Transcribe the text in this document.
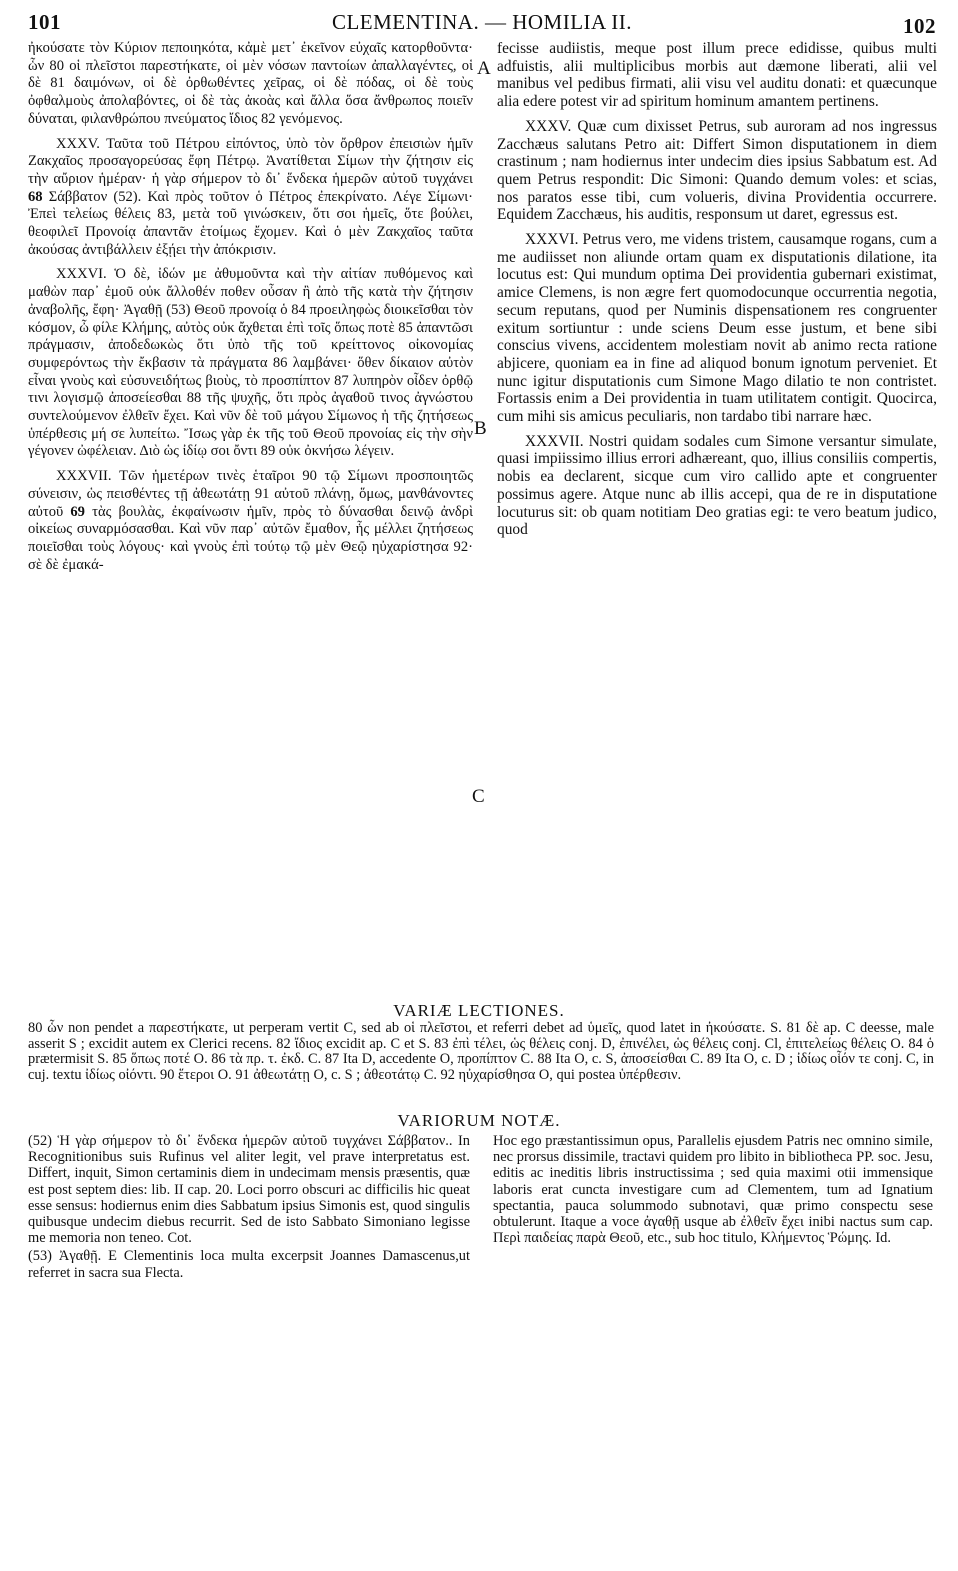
101	CLEMENTINA. — HOMILIA II.	102

ἠκούσατε τὸν Κύριον πεποιηκότα, κἀμὲ μετ᾽ ἐκεῖνον εὐχαῖς κατορθοῦντα· ὧν 80 οἱ πλεῖστοι παρεστήκατε, οἱ μὲν νόσων παντοίων ἀπαλλαγέντες, οἱ δὲ 81 δαιμόνων, οἱ δὲ ὀρθωθέντες χεῖρας, οἱ δὲ πόδας, οἱ δὲ τοὺς ὀφθαλμοὺς ἀπολαβόντες, οἱ δὲ τὰς ἀκοὰς καὶ ἄλλα ὅσα ἄνθρωπος ποιεῖν δύναται, φιλανθρώπου πνεύματος ἴδιος 82 γενόμενος.

XXXV. Ταῦτα τοῦ Πέτρου εἰπόντος, ὑπὸ τὸν ὄρθρον ἐπεισιὼν ἡμῖν Ζακχαῖος προσαγορεύσας ἔφη Πέτρῳ. Ἀνατίθεται Σίμων τὴν ζήτησιν εἰς τὴν αὔριον ἡμέραν· ἡ γὰρ σήμερον τὸ δι᾽ ἕνδεκα ἡμερῶν αὐτοῦ τυγχάνει 68 Σάββατον (52). Καὶ πρὸς τοῦτον ὁ Πέτρος ἐπεκρίνατο. Λέγε Σίμωνι· Ἐπεὶ τελείως θέλεις 83, μετὰ τοῦ γινώσκειν, ὅτι σοι ἡμεῖς, ὅτε βούλει, θεοφιλεῖ Προνοίᾳ ἀπαντᾶν ἑτοίμως ἔχομεν. Καὶ ὁ μὲν Ζακχαῖος ταῦτα ἀκούσας ἀντιβάλλειν ἐξῄει τὴν ἀπόκρισιν.

XXXVI. Ὁ δὲ, ἰδών με ἀθυμοῦντα καὶ τὴν αἰτίαν πυθόμενος καὶ μαθὼν παρ᾽ ἐμοῦ οὐκ ἄλλοθέν ποθεν οὖσαν ἢ ἀπὸ τῆς κατὰ τὴν ζήτησιν ἀναβολῆς, ἔφη· Ἀγαθῇ (53) Θεοῦ προνοίᾳ ὁ 84 προειληφὼς διοικεῖσθαι τὸν κόσμον, ὦ φίλε Κλήμης, αὐτὸς οὐκ ἄχθεται ἐπὶ τοῖς ὅπως ποτὲ 85 ἀπαντῶσι πράγμασιν, ἀποδεδωκὼς ὅτι ὑπὸ τῆς τοῦ κρείττονος οἰκονομίας συμφερόντως τὴν ἔκβασιν τὰ πράγματα 86 λαμβάνει· ὅθεν δίκαιον αὐτὸν εἶναι γνοὺς καὶ εὐσυνειδήτως βιοὺς, τὸ προσπίπτον 87 λυπηρὸν οἶδεν ὀρθῷ τινι λογισμῷ ἀποσείεσθαι 88 τῆς ψυχῆς, ὅτι πρὸς ἀγαθοῦ τινος ἀγνώστου συντελούμενον ἐλθεῖν ἔχει. Καὶ νῦν δὲ τοῦ μάγου Σίμωνος ἡ τῆς ζητήσεως ὑπέρθεσις μή σε λυπείτω. Ἴσως γὰρ ἐκ τῆς τοῦ Θεοῦ προνοίας εἰς τὴν σὴν γέγονεν ὠφέλειαν. Διὸ ὡς ἰδίῳ σοι ὄντι 89 οὐκ ὀκνήσω λέγειν.

XXXVII. Τῶν ἡμετέρων τινὲς ἑταῖροι 90 τῷ Σίμωνι προσποιητῶς σύνεισιν, ὡς πεισθέντες τῇ ἀθεωτάτῃ 91 αὐτοῦ πλάνῃ, ὅμως, μανθάνοντες αὐτοῦ 69 τὰς βουλὰς, ἐκφαίνωσιν ἡμῖν, πρὸς τὸ δύνασθαι δεινῷ ἀνδρὶ οἰκείως συναρμόσασθαι. Καὶ νῦν παρ᾽ αὐτῶν ἔμαθον, ἧς μέλλει ζητήσεως ποιεῖσθαι τοὺς λόγους· καὶ γνοὺς ἐπὶ τούτῳ τῷ μὲν Θεῷ ηὐχαρίστησα 92· σὲ δὲ ἐμακά-

A
B
C

fecisse audiistis, meque post illum prece edidisse, quibus multi adfuistis, alii multiplicibus morbis aut dæmone liberati, alii vel manibus vel pedibus firmati, alii visu vel auditu donati: et quæcunque alia edere potest vir ad spiritum hominum amantem pertinens.

XXXV. Quæ cum dixisset Petrus, sub auroram ad nos ingressus Zacchæus salutans Petro ait: Differt Simon disputationem in diem crastinum ; nam hodiernus inter undecim dies ipsius Sabbatum est. Ad quem Petrus respondit: Dic Simoni: Quando demum voles: et scias, nos paratos esse tibi, cum volueris, divina Providentia occurrere. Equidem Zacchæus, his auditis, responsum ut daret, egressus est.

XXXVI. Petrus vero, me videns tristem, causamque rogans, cum a me audiisset non aliunde ortam quam ex disputationis dilatione, ita locutus est: Qui mundum optima Dei providentia gubernari existimat, amice Clemens, is non ægre fert quomodocunque occurrentia negotia, secum reputans, quod per Numinis dispensationem res congruenter exitum sortiuntur : unde sciens Deum esse justum, et bene sibi conscius vivens, accidentem molestiam novit ab animo recta ratione abjicere, quoniam ea in fine ad aliquod bonum ignotum perveniet. Et nunc igitur disputationis cum Simone Mago dilatio te non contristet. Fortassis enim a Dei providentia in tuam utilitatem contigit. Quocirca, cum mihi sis amicus peculiaris, non tardabo tibi narrare hæc.

XXXVII. Nostri quidam sodales cum Simone versantur simulate, quasi impiissimo illius errori adhæreant, quo, illius consiliis compertis, nobis ea declarent, sicque cum viro callido apte et congruenter possimus agere. Atque nunc ab illis accepi, qua de re in disputatione locuturus sit: ob quam notitiam Deo gratias egi: te vero beatum judico, quod

VARIÆ LECTIONES.
80 ὧν non pendet a παρεστήκατε, ut perperam vertit C, sed ab οἱ πλεῖστοι, et referri debet ad ὑμεῖς, quod latet in ἠκούσατε. S. 81 δὲ ap. C deesse, male asserit S ; excidit autem ex Clerici recens. 82 ἴδιος excidit ap. C et S. 83 ἐπὶ τέλει, ὡς θέλεις conj. D, ἐπινέλει, ὡς θέλεις conj. Cl, ἐπιτελείως θέλεις O. 84 ὁ prætermisit S. 85 ὅπως ποτέ O. 86 τὰ πρ. τ. ἐκδ. C. 87 Ita D, accedente O, προπίπτον C. 88 Ita O, c. S, ἀποσείσθαι C. 89 Ita O, c. D ; ἰδίως οἷόν τε conj. C, in cuj. textu ἰδίως οἰόντι. 90 ἕτεροι O. 91 ἀθεωτάτῃ O, c. S ; ἀθεοτάτῳ C. 92 ηὐχαρίσθησα O, qui postea ὑπέρθεσιν.
VARIORUM NOTÆ.

(52) Ἡ γὰρ σήμερον τὸ δι᾽ ἕνδεκα ἡμερῶν αὐτοῦ τυγχάνει Σάββατον.. In Recognitionibus suis Rufinus vel aliter legit, vel prave interpretatus est. Differt, inquit, Simon certaminis diem in undecimam mensis præsentis, quæ est post septem dies: lib. II cap. 20. Loci porro obscuri ac difficilis hic queat esse sensus: hodiernus enim dies Sabbatum ipsius Simonis est, quod singulis quibusque undecim diebus recurrit. Sed de isto Sabbato Simoniano legisse me memoria non teneo. Cot.

(53) Ἀγαθῇ. E Clementinis loca multa excerpsit Joannes Damascenus,ut referret in sacra sua Flecta.

Hoc ego præstantissimun opus, Parallelis ejusdem Patris nec omnino simile, nec prorsus dissimile, tractavi quidem pro libito in bibliotheca PP. soc. Jesu, editis ac ineditis libris instructissima ; sed quia maximi otii immensique laboris erat cuncta investigare cum ad Clementem, tum ad Ignatium spectantia, pauca solummodo subnotavi, quæ primo conspectu sese obtulerunt. Itaque a voce ἀγαθῇ usque ab ἐλθεῖν ἔχει inibi nactus sum cap. Περὶ παιδείας παρὰ Θεοῦ, etc., sub hoc titulo, Κλήμεντος Ῥώμης. Id.
